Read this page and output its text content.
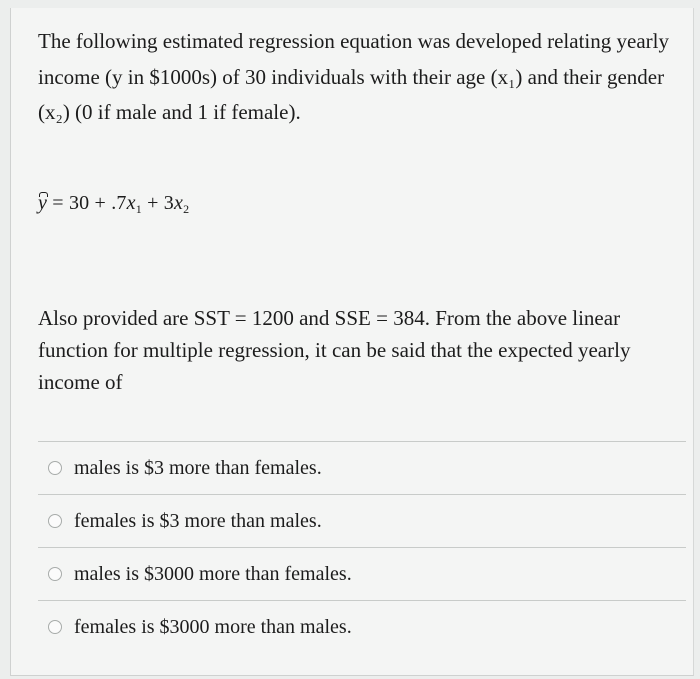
The following estimated regression equation was developed relating yearly income (y in $1000s) of 30 individuals with their age (x₁) and their gender (x₂) (0 if male and 1 if female).
$y = 30 + .7x_1 + 3x_2$
Also provided are SST = 1200 and SSE = 384. From the above linear function for multiple regression, it can be said that the expected yearly income of
males is $3 more than females.
females is $3 more than males.
males is $3000 more than females.
females is $3000 more than males.
